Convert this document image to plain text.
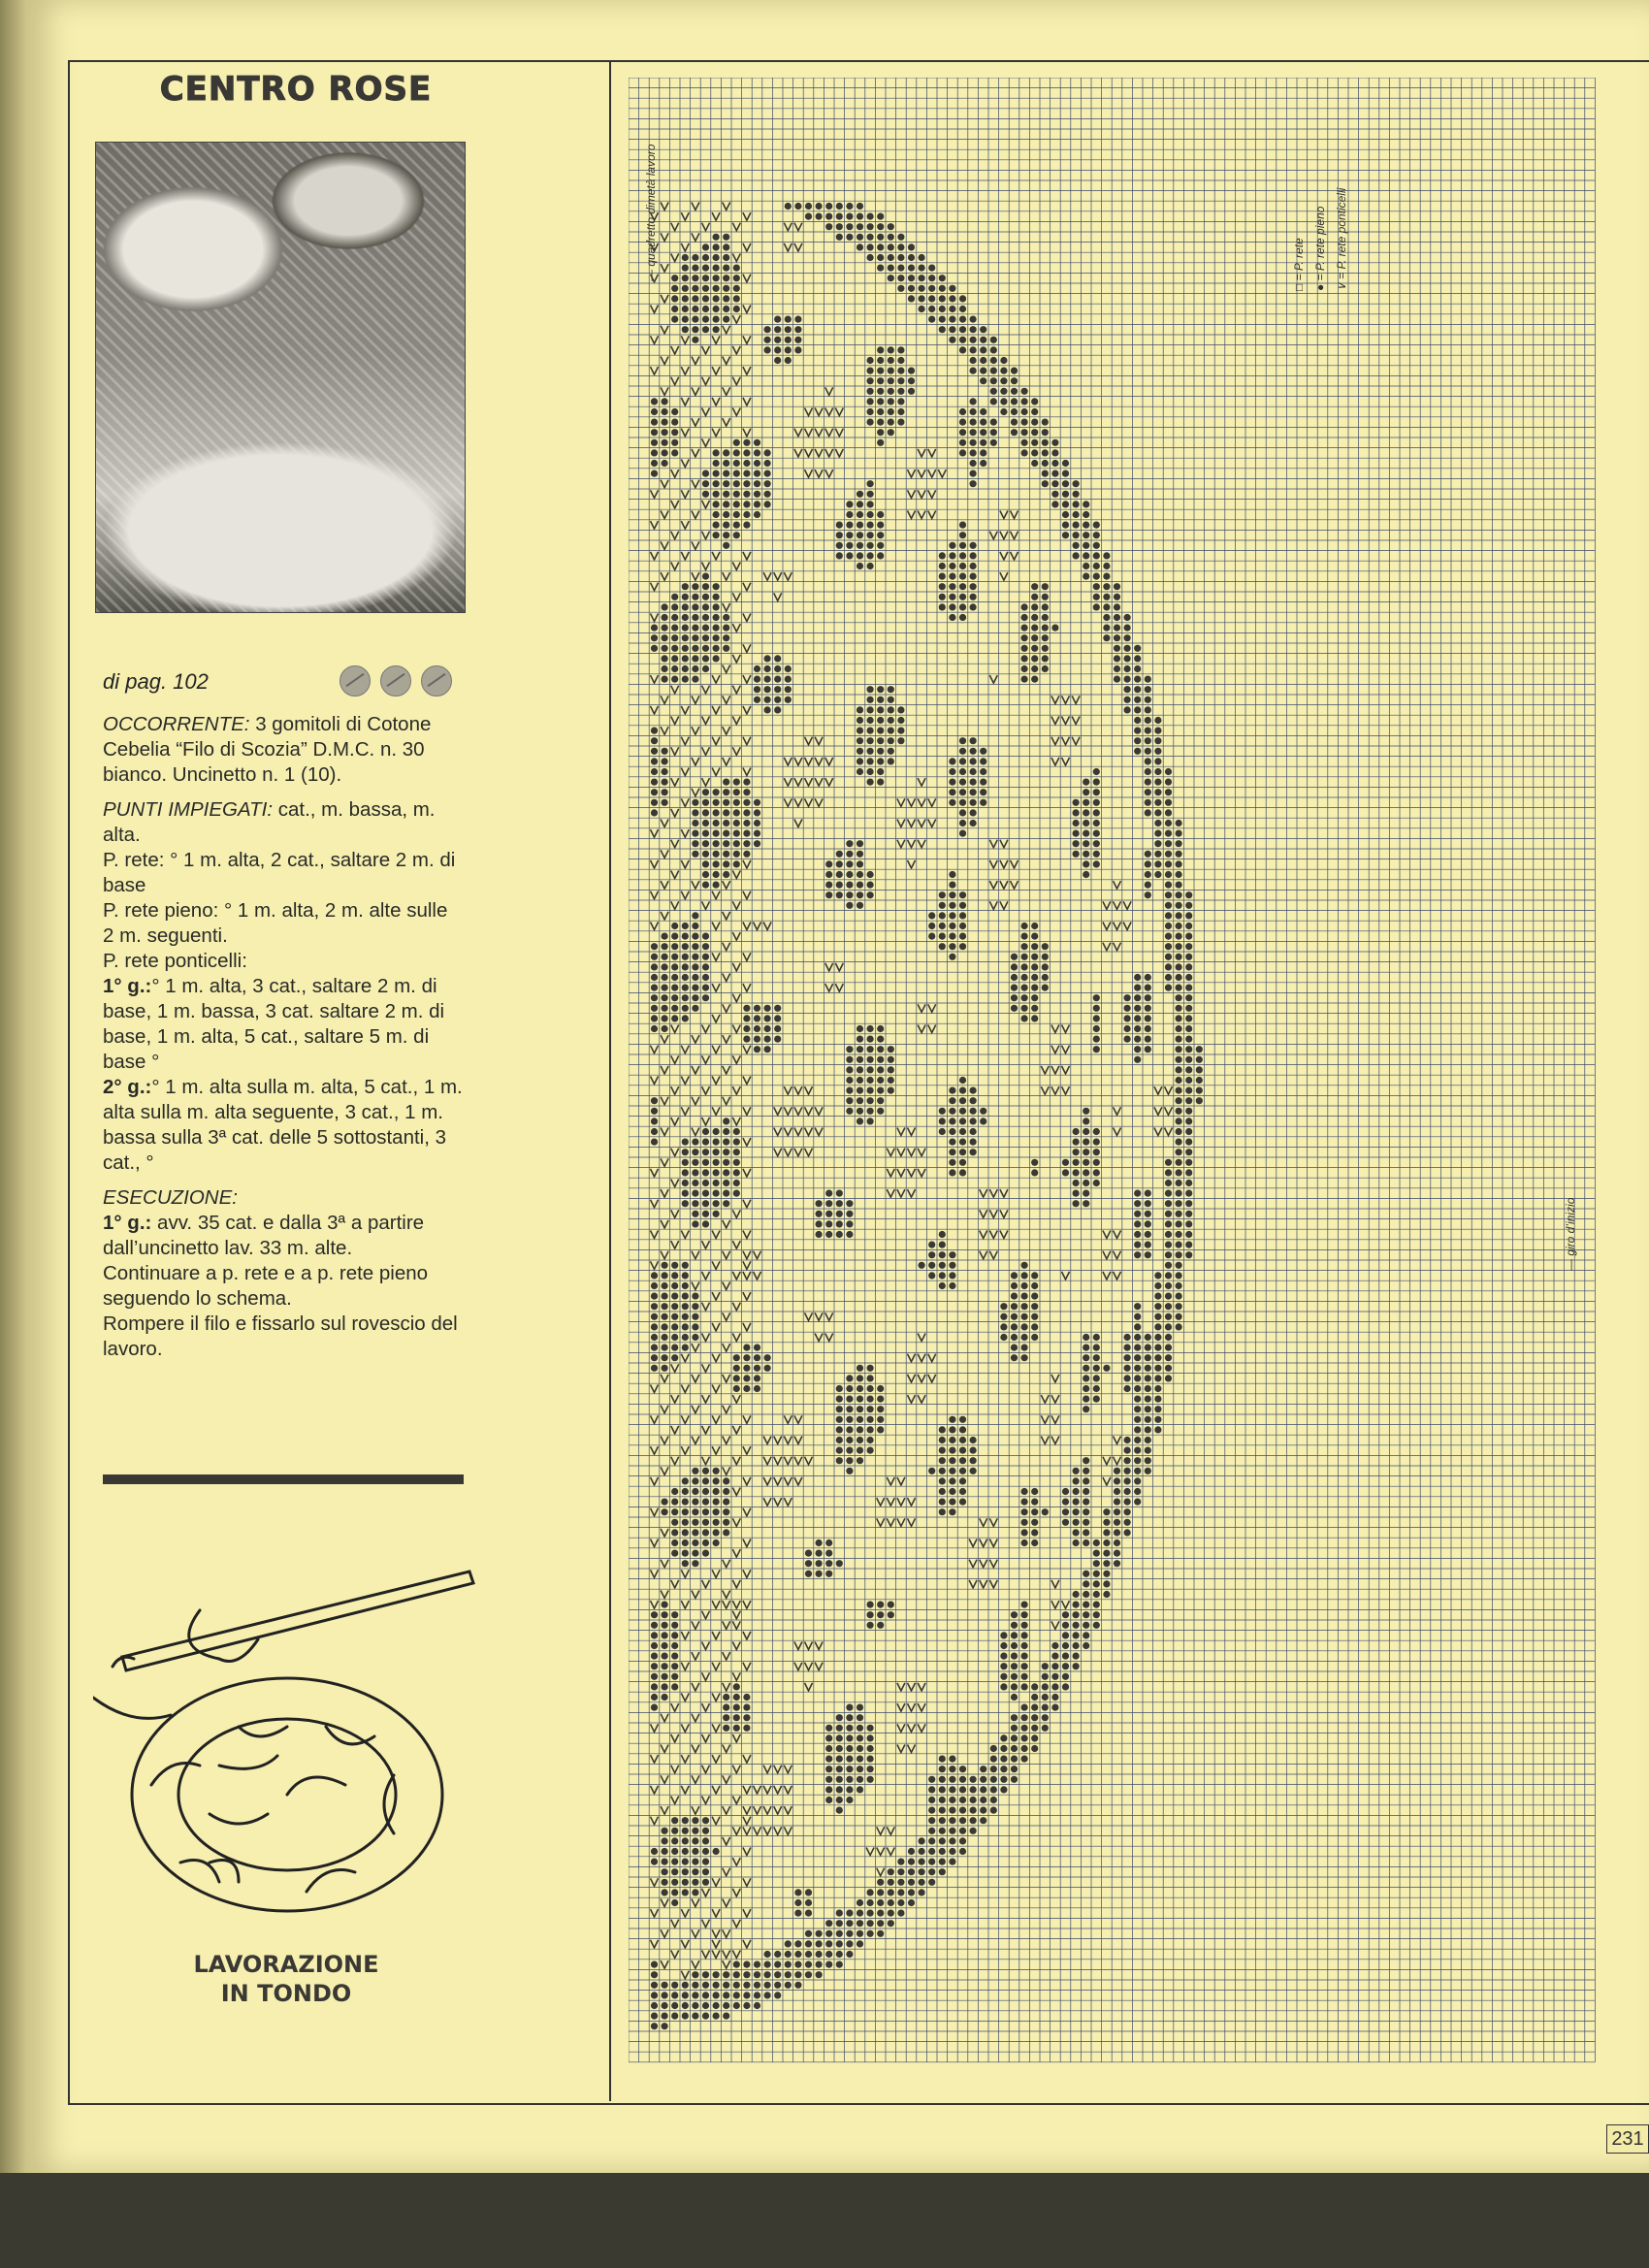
CENTRO ROSE
di pag. 102

OCCORRENTE: 3 gomitoli di Cotone Cebelia “Filo di Scozia” D.M.C. n. 30 bianco. Uncinetto n. 1 (10).

PUNTI IMPIEGATI: cat., m. bassa, m. alta.

P. rete: ° 1 m. alta, 2 cat., saltare 2 m. di base

P. rete pieno: ° 1 m. alta, 2 m. alte sulle 2 m. seguenti.

P. rete ponticelli:

1° g.:° 1 m. alta, 3 cat., saltare 2 m. di base, 1 m. bassa, 3 cat. saltare 2 m. di base, 1 m. alta, 5 cat., saltare 5 m. di base °

2° g.:° 1 m. alta sulla m. alta, 5 cat., 1 m. alta sulla m. alta seguente, 3 cat., 1 m. bassa sulla 3ª cat. delle 5 sottostanti, 3 cat., °

ESECUZIONE:

1° g.: avv. 35 cat. e dalla 3ª a partire dall’uncinetto lav. 33 m. alte.

Continuare a p. rete e a p. rete pieno seguendo lo schema.

Rompere il filo e fissarlo sul rovescio del lavoro.

LAVORAZIONE
IN TONDO
— quadretto dimetà lavoro	□ = P. rete ● = P. rete pieno ∨ = P. rete ponticelli
— giro d’inizio
231
